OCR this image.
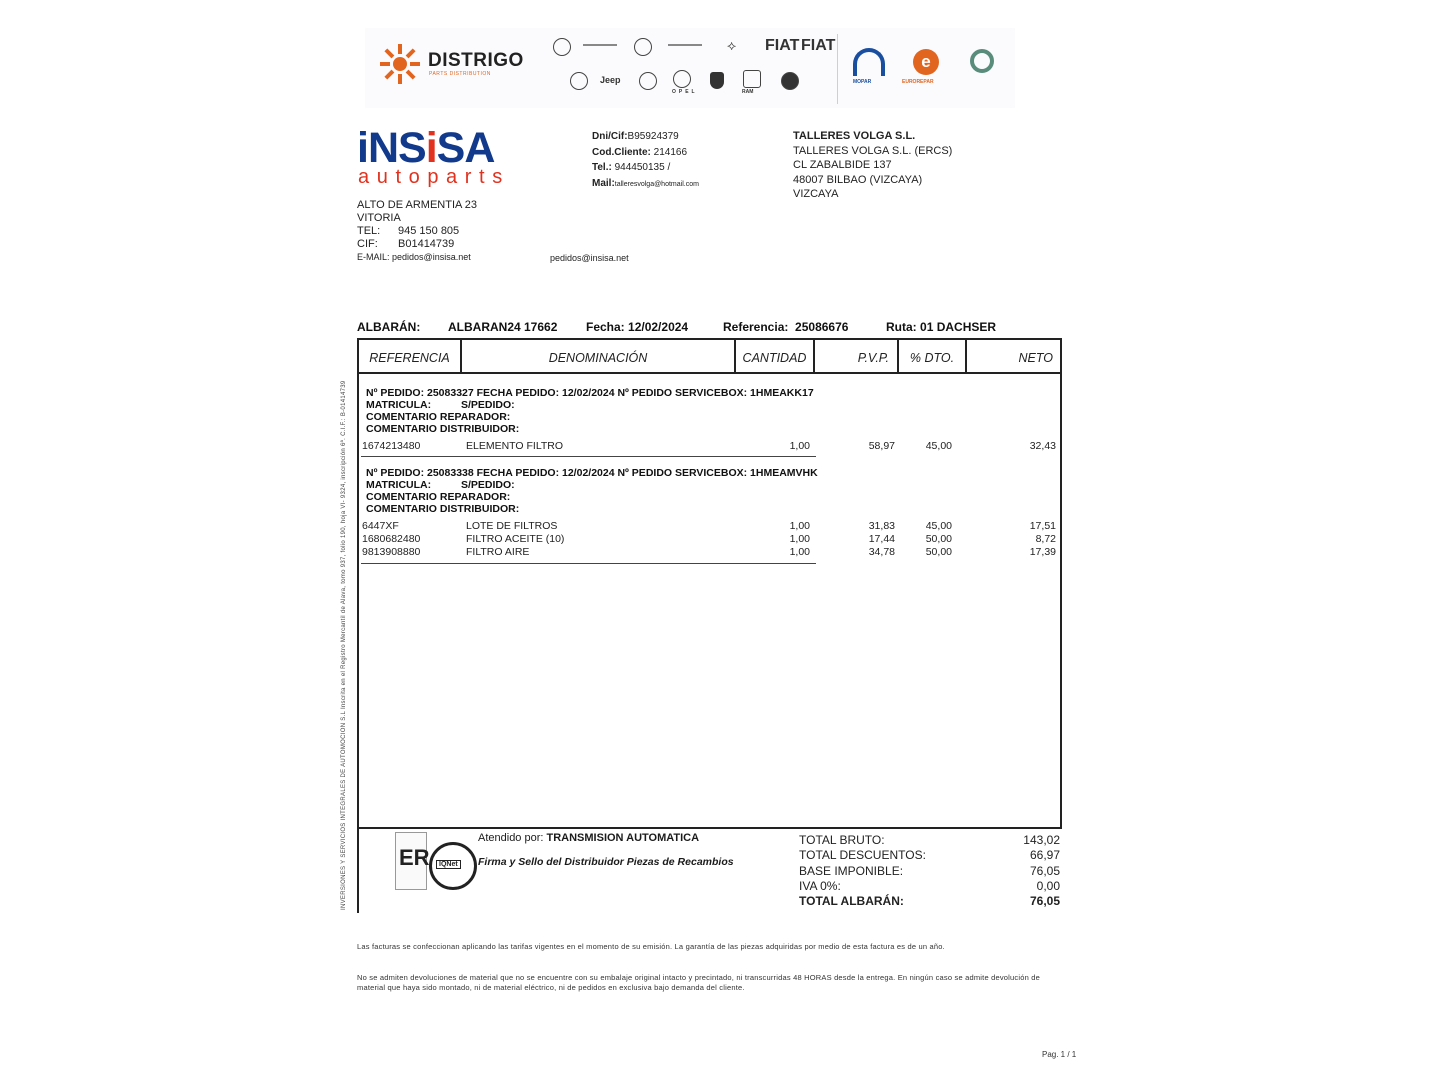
DISTRIGO
PARTS DISTRIBUTION
⟡ FIAT FIAT
Jeep
OPEL	RAM
MOPAR
e
EUROREPAR
iNSiSA
autoparts
ALTO DE ARMENTIA 23
VITORIA
TEL: 945 150 805
CIF: B01414739
E-MAIL: pedidos@insisa.net	pedidos@insisa.net
Dni/Cif:B95924379
Cod.Cliente: 214166
Tel.: 944450135 /
Mail:talleresvolga@hotmail.com
TALLERES VOLGA S.L.
TALLERES VOLGA S.L. (ERCS)
CL ZABALBIDE 137
48007 BILBAO (VIZCAYA)
VIZCAYA
INVERSIONES Y SERVICIOS INTEGRALES DE AUTOMOCION S.L Inscrita en el Registro Mercantil de Alava, tomo 937, folio 190, hoja VI- 9324, inscripción 6ª. C.I.F.: B-01414739
ALBARÁN: ALBARAN24 17662 Fecha: 12/02/2024	Referencia: 25086676	Ruta: 01 DACHSER
REFERENCIA	DENOMINACIÓN	CANTIDAD	P.V.P.	% DTO.	NETO
Nº PEDIDO: 25083327 FECHA PEDIDO: 12/02/2024 Nº PEDIDO SERVICEBOX: 1HMEAKK17
MATRICULA:	S/PEDIDO:
COMENTARIO REPARADOR:
COMENTARIO DISTRIBUIDOR:
1674213480	ELEMENTO FILTRO	1,00	58,97	45,00	32,43
Nº PEDIDO: 25083338 FECHA PEDIDO: 12/02/2024 Nº PEDIDO SERVICEBOX: 1HMEAMVHK
MATRICULA:	S/PEDIDO:
COMENTARIO REPARADOR:
COMENTARIO DISTRIBUIDOR:
6447XF	LOTE DE FILTROS	1,00	31,83	45,00	17,51
1680682480	FILTRO ACEITE (10)	1,00	17,44	50,00	8,72
9813908880	FILTRO AIRE	1,00	34,78	50,00	17,39
ER	IQNet
Atendido por: TRANSMISION AUTOMATICA
Firma y Sello del Distribuidor Piezas de Recambios
TOTAL BRUTO:	143,02
TOTAL DESCUENTOS:	66,97
BASE IMPONIBLE:	76,05
IVA 0%:	0,00
TOTAL ALBARÁN:	76,05
Las facturas se confeccionan aplicando las tarifas vigentes en el momento de su emisión. La garantía de las piezas adquiridas por medio de esta factura es de un año.
No se admiten devoluciones de material que no se encuentre con su embalaje original intacto y precintado, ni transcurridas 48 HORAS desde la entrega. En ningún caso se admite devolución de material que haya sido montado, ni de material eléctrico, ni de pedidos en exclusiva bajo demanda del cliente.
Pag. 1 / 1
